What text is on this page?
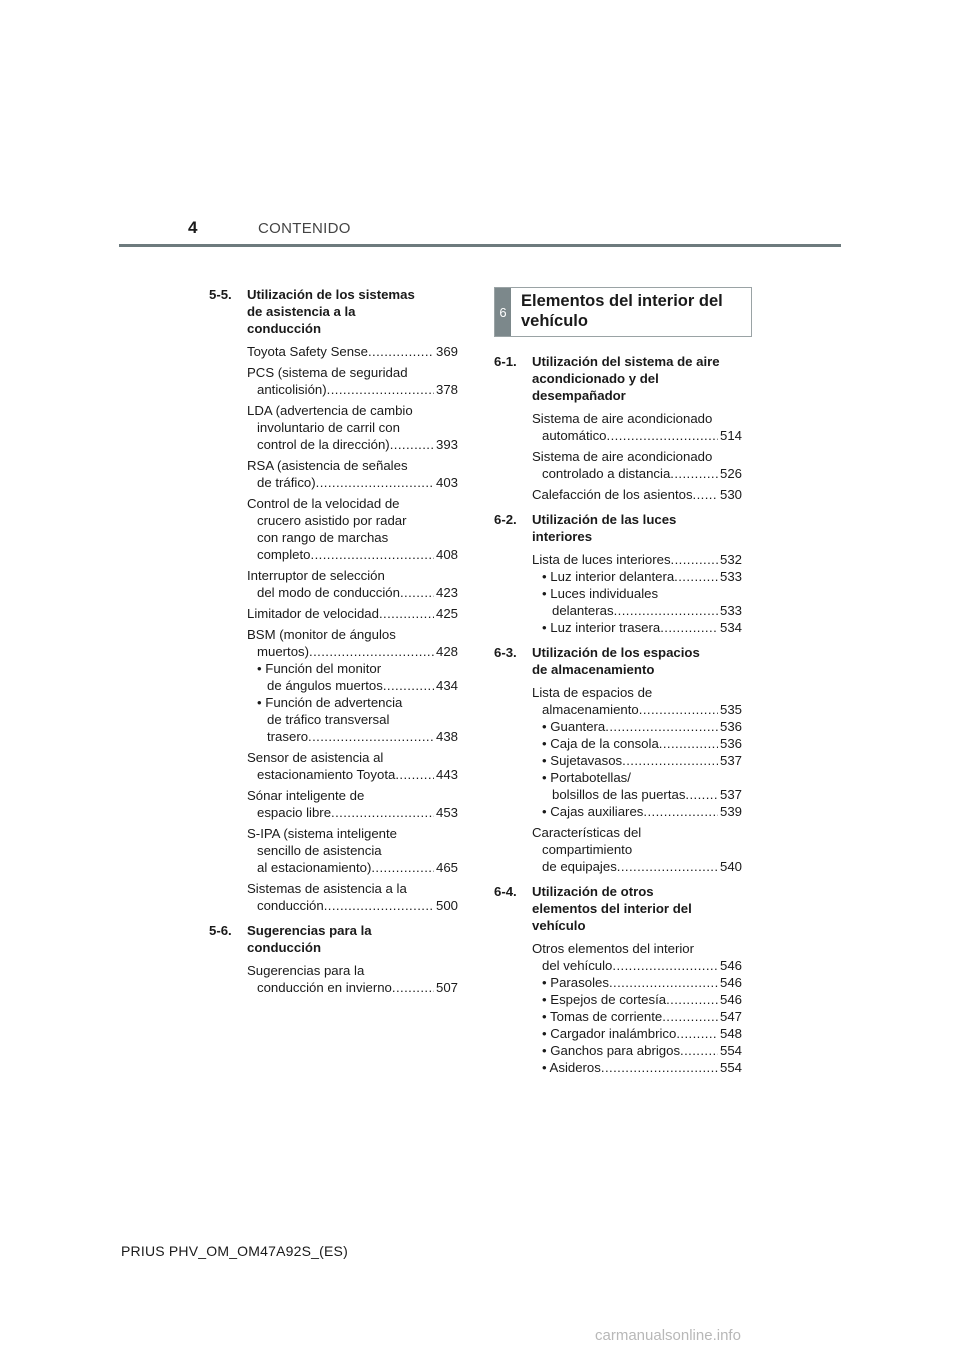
4	CONTENIDO
5-5.	Utilización de los sistemas
de asistencia a la
conducción
Toyota Safety Sense .....	369
PCS (sistema de seguridad
anticolisión) .....	378
LDA (advertencia de cambio
involuntario de carril con
control de la dirección) .....	393
RSA (asistencia de señales
de tráfico) .....	403
Control de la velocidad de
crucero asistido por radar
con rango de marchas
completo .....	408
Interruptor de selección
del modo de conducción .....	423
Limitador de velocidad .....	425
BSM (monitor de ángulos
muertos) .....	428
• Función del monitor
de ángulos muertos .....	434
• Función de advertencia
de tráfico transversal
trasero .....	438
Sensor de asistencia al
estacionamiento Toyota .....	443
Sónar inteligente de
espacio libre .....	453
S-IPA (sistema inteligente
sencillo de asistencia
al estacionamiento) .....	465
Sistemas de asistencia a la
conducción .....	500
5-6.	Sugerencias para la
conducción
Sugerencias para la
conducción en invierno .....	507
6
Elementos del interior del
vehículo
6-1.	Utilización del sistema de aire
acondicionado y del
desempañador
Sistema de aire acondicionado
automático .....	514
Sistema de aire acondicionado
controlado a distancia .....	526
Calefacción de los asientos ..... 530
6-2.	Utilización de las luces
interiores
Lista de luces interiores .....	532
• Luz interior delantera .....	533
• Luces individuales
delanteras .....	533
• Luz interior trasera .....	534
6-3.	Utilización de los espacios
de almacenamiento
Lista de espacios de
almacenamiento .....	535
• Guantera .....	536
• Caja de la consola .....	536
• Sujetavasos .....	537
• Portabotellas/
bolsillos de las puertas .....	537
• Cajas auxiliares .....	539
Características del
compartimiento
de equipajes .....	540
6-4.	Utilización de otros
elementos del interior del
vehículo
Otros elementos del interior
del vehículo .....	546
• Parasoles .....	546
• Espejos de cortesía .....	546
• Tomas de corriente .....	547
• Cargador inalámbrico .....	548
• Ganchos para abrigos .....	554
• Asideros .....	554
PRIUS PHV_OM_OM47A92S_(ES)
carmanualsonline.info
